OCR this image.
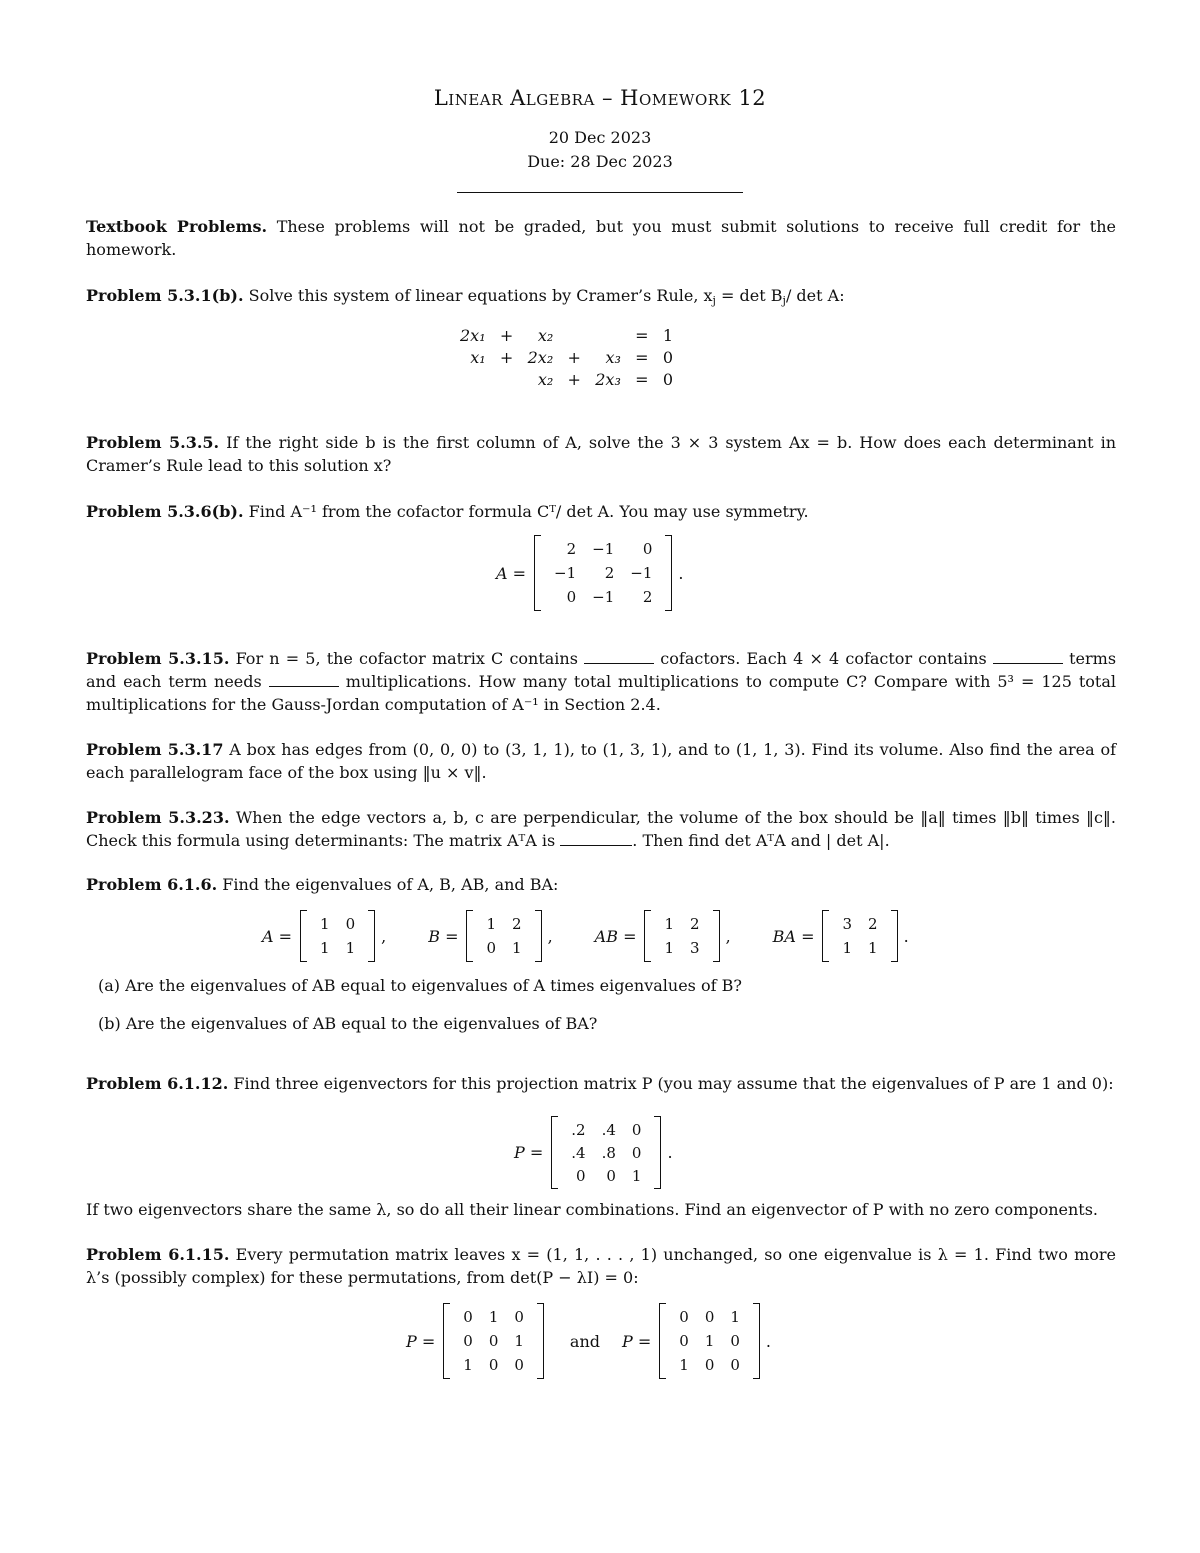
Linear Algebra – Homework 12
20 Dec 2023
Due: 28 Dec 2023
Textbook Problems. These problems will not be graded, but you must submit solutions to receive full credit for the homework.
Problem 5.3.1(b). Solve this system of linear equations by Cramer’s Rule, $x_j = \det B_j/$ det A:
2x₁	+	x₂			=	1
x₁	+	2x₂	+	x₃	=	0
		x₂	+	2x₃	=	0
Problem 5.3.5. If the right side b is the first column of A, solve the 3 × 3 system Ax = b. How does each determinant in Cramer’s Rule lead to this solution x?
Problem 5.3.6(b). Find A⁻¹ from the cofactor formula Cᵀ/ det A. You may use symmetry.
A =
2	−1	0
−1	2	−1
0	−1	2
.
Problem 5.3.15. For n = 5, the cofactor matrix C contains	cofactors. Each 4 × 4 cofactor contains	terms and each term needs	multiplications. How many total multiplications to compute C? Compare with 5³ = 125 total multiplications for the Gauss-Jordan computation of A⁻¹ in Section 2.4.
Problem 5.3.17 A box has edges from (0, 0, 0) to (3, 1, 1), to (1, 3, 1), and to (1, 1, 3). Find its volume. Also find the area of each parallelogram face of the box using ‖u × v‖.
Problem 5.3.23. When the edge vectors a, b, c are perpendicular, the volume of the box should be ‖a‖ times ‖b‖ times ‖c‖. Check this formula using determinants: The matrix AᵀA is	. Then find det AᵀA and | det A|.
Problem 6.1.6. Find the eigenvalues of A, B, AB, and BA:
A =
1	0
1	1
,	B =
1	2
0	1
,	AB =
1	2
1	3
,	BA =
3	2
1	1
.
(a) Are the eigenvalues of AB equal to eigenvalues of A times eigenvalues of B?
(b) Are the eigenvalues of AB equal to the eigenvalues of BA?
Problem 6.1.12. Find three eigenvectors for this projection matrix P (you may assume that the eigenvalues of P are 1 and 0):
P =
.2	.4	0
.4	.8	0
0	0	1
.
If two eigenvectors share the same λ, so do all their linear combinations. Find an eigenvector of P with no zero components.
Problem 6.1.15. Every permutation matrix leaves x = (1, 1, . . . , 1) unchanged, so one eigenvalue is λ = 1. Find two more λ’s (possibly complex) for these permutations, from det(P − λI) = 0:
P =
0	1	0
0	0	1
1	0	0
and P =
0	0	1
0	1	0
1	0	0
.
